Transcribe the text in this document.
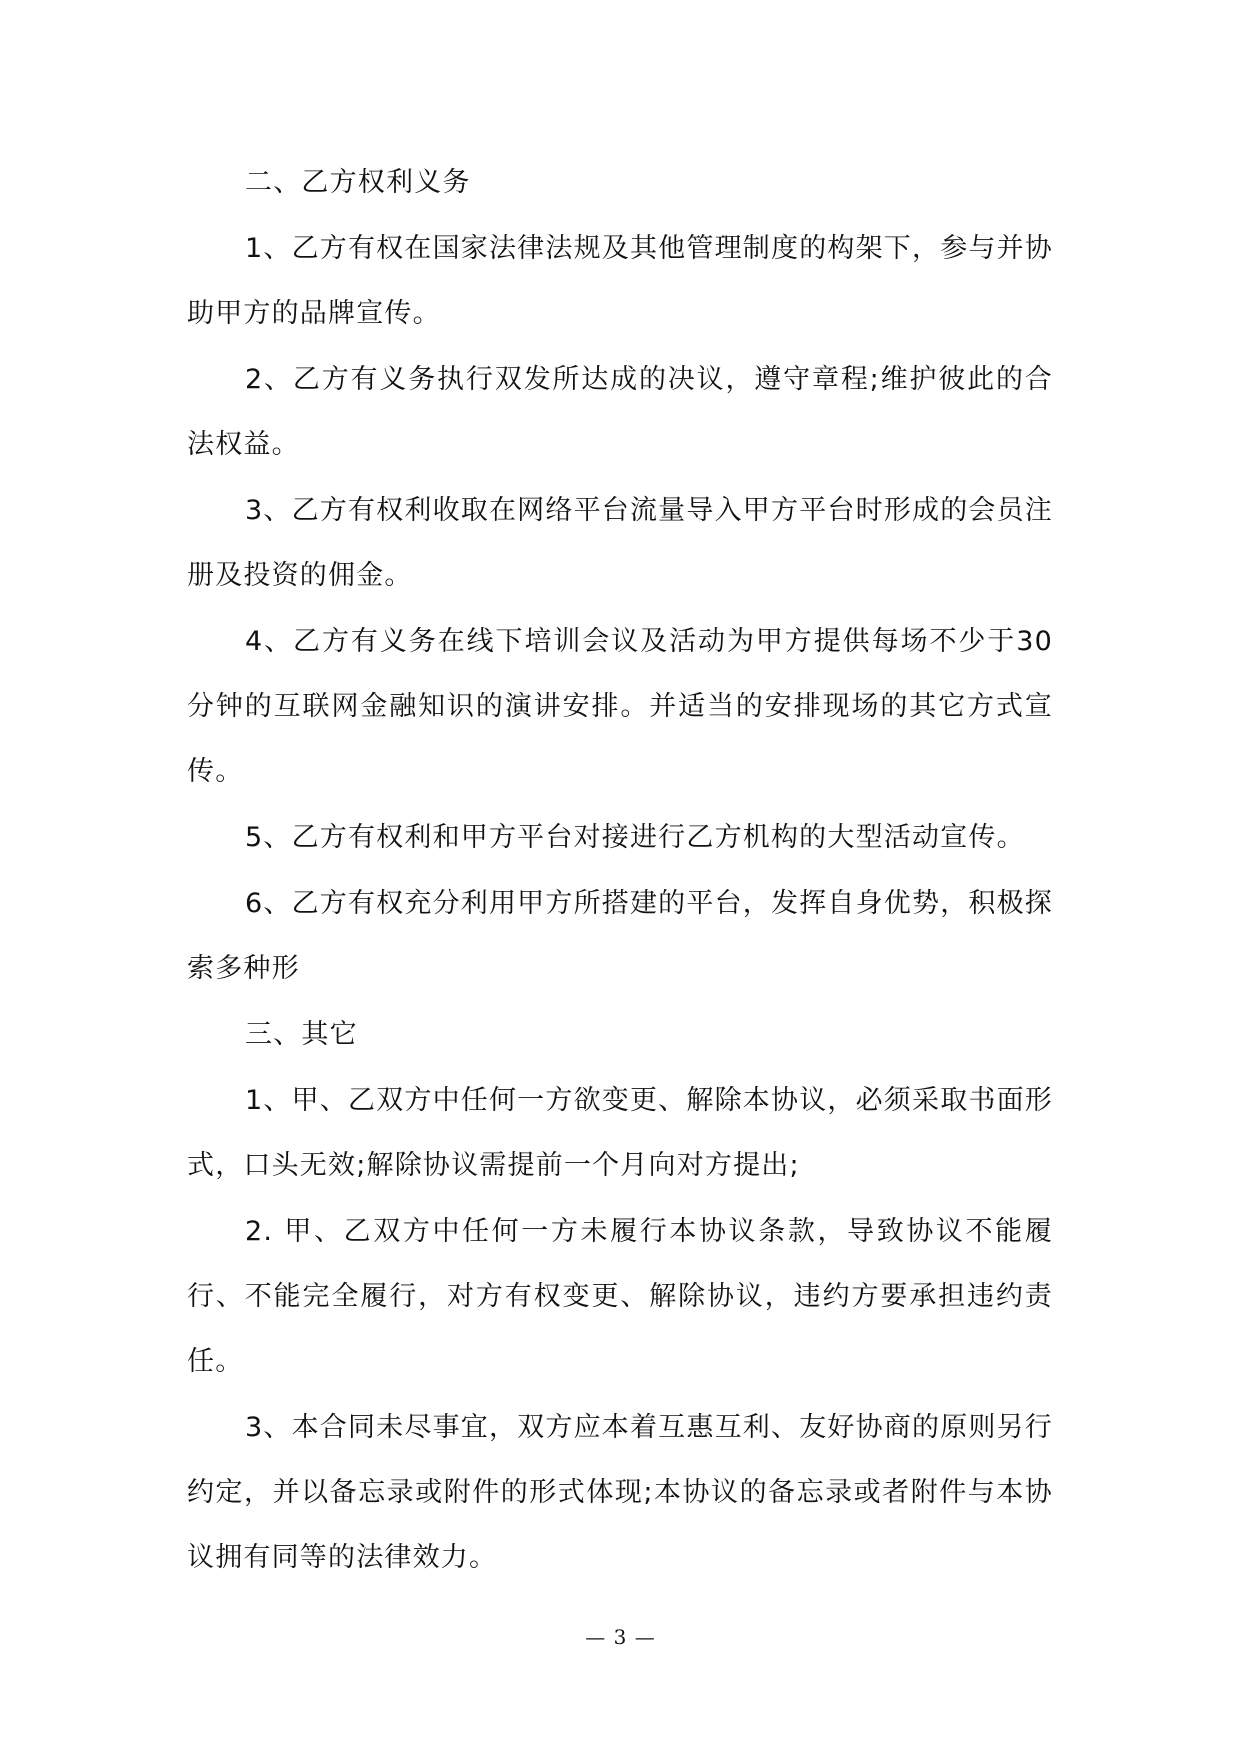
二、乙方权利义务

1、乙方有权在国家法律法规及其他管理制度的构架下，参与并协助甲方的品牌宣传。

2、乙方有义务执行双发所达成的决议，遵守章程;维护彼此的合法权益。

3、乙方有权利收取在网络平台流量导入甲方平台时形成的会员注册及投资的佣金。

4、乙方有义务在线下培训会议及活动为甲方提供每场不少于30分钟的互联网金融知识的演讲安排。并适当的安排现场的其它方式宣传。

5、乙方有权利和甲方平台对接进行乙方机构的大型活动宣传。

6、乙方有权充分利用甲方所搭建的平台，发挥自身优势，积极探索多种形

三、其它

1、甲、乙双方中任何一方欲变更、解除本协议，必须采取书面形式，口头无效;解除协议需提前一个月向对方提出;

2. 甲、乙双方中任何一方未履行本协议条款，导致协议不能履行、不能完全履行，对方有权变更、解除协议，违约方要承担违约责任。

3、本合同未尽事宜，双方应本着互惠互利、友好协商的原则另行约定，并以备忘录或附件的形式体现;本协议的备忘录或者附件与本协议拥有同等的法律效力。

— 3 —
